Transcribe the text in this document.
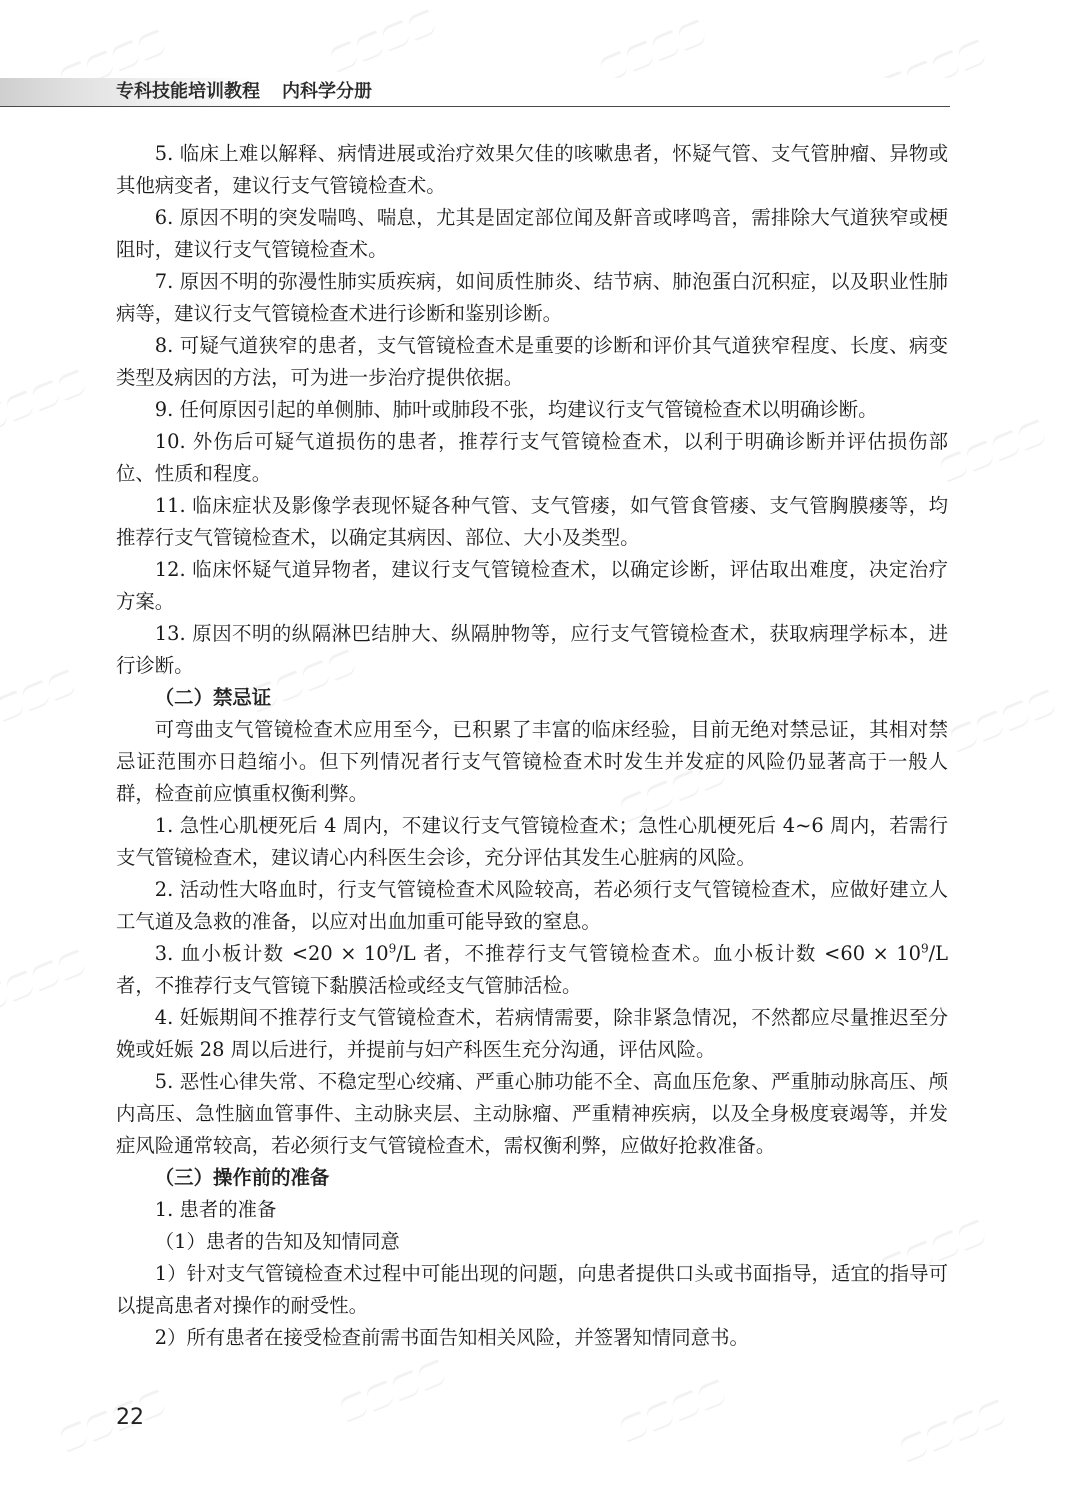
专科技能培训教程 内科学分册

5. 临床上难以解释、病情进展或治疗效果欠佳的咳嗽患者，怀疑气管、支气管肿瘤、异物或其他病变者，建议行支气管镜检查术。

6. 原因不明的突发喘鸣、喘息，尤其是固定部位闻及鼾音或哮鸣音，需排除大气道狭窄或梗阻时，建议行支气管镜检查术。

7. 原因不明的弥漫性肺实质疾病，如间质性肺炎、结节病、肺泡蛋白沉积症，以及职业性肺病等，建议行支气管镜检查术进行诊断和鉴别诊断。

8. 可疑气道狭窄的患者，支气管镜检查术是重要的诊断和评价其气道狭窄程度、长度、病变类型及病因的方法，可为进一步治疗提供依据。

9. 任何原因引起的单侧肺、肺叶或肺段不张，均建议行支气管镜检查术以明确诊断。

10. 外伤后可疑气道损伤的患者，推荐行支气管镜检查术，以利于明确诊断并评估损伤部位、性质和程度。

11. 临床症状及影像学表现怀疑各种气管、支气管瘘，如气管食管瘘、支气管胸膜瘘等，均推荐行支气管镜检查术，以确定其病因、部位、大小及类型。

12. 临床怀疑气道异物者，建议行支气管镜检查术，以确定诊断，评估取出难度，决定治疗方案。

13. 原因不明的纵隔淋巴结肿大、纵隔肿物等，应行支气管镜检查术，获取病理学标本，进行诊断。

（二）禁忌证

可弯曲支气管镜检查术应用至今，已积累了丰富的临床经验，目前无绝对禁忌证，其相对禁忌证范围亦日趋缩小。但下列情况者行支气管镜检查术时发生并发症的风险仍显著高于一般人群，检查前应慎重权衡利弊。

1. 急性心肌梗死后 4 周内，不建议行支气管镜检查术；急性心肌梗死后 4~6 周内，若需行支气管镜检查术，建议请心内科医生会诊，充分评估其发生心脏病的风险。

2. 活动性大咯血时，行支气管镜检查术风险较高，若必须行支气管镜检查术，应做好建立人工气道及急救的准备，以应对出血加重可能导致的窒息。

3. 血小板计数 $<20 \times 10^9/L$ 者，不推荐行支气管镜检查术。血小板计数 $<60 \times 10^9/L$ 者，不推荐行支气管镜下黏膜活检或经支气管肺活检。

4. 妊娠期间不推荐行支气管镜检查术，若病情需要，除非紧急情况，不然都应尽量推迟至分娩或妊娠 28 周以后进行，并提前与妇产科医生充分沟通，评估风险。

5. 恶性心律失常、不稳定型心绞痛、严重心肺功能不全、高血压危象、严重肺动脉高压、颅内高压、急性脑血管事件、主动脉夹层、主动脉瘤、严重精神疾病，以及全身极度衰竭等，并发症风险通常较高，若必须行支气管镜检查术，需权衡利弊，应做好抢救准备。

（三）操作前的准备

1. 患者的准备

（1）患者的告知及知情同意

1）针对支气管镜检查术过程中可能出现的问题，向患者提供口头或书面指导，适宜的指导可以提高患者对操作的耐受性。

2）所有患者在接受检查前需书面告知相关风险，并签署知情同意书。

22
